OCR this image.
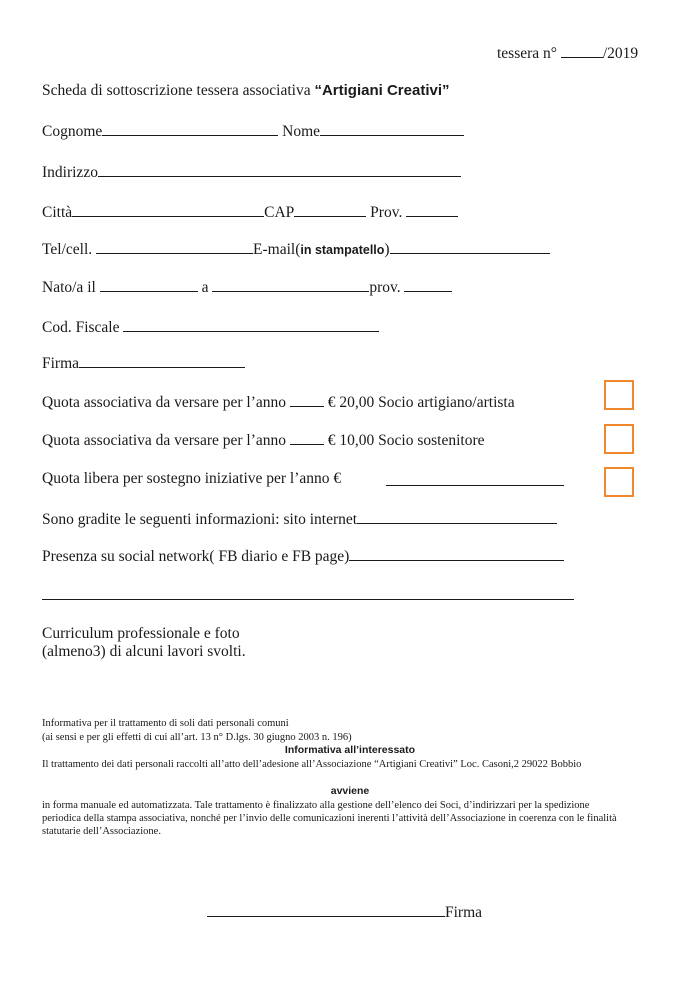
tessera n°	/2019
Scheda di sottoscrizione tessera associativa “Artigiani Creativi”
Cognome	Nome
Indirizzo
Città	CAP	Prov.
Tel/cell.	E-mail(in stampatello)
Nato/a il	a	prov.
Cod. Fiscale
Firma
Quota associativa da versare per l’anno	€ 20,00 Socio artigiano/artista
Quota associativa da versare per l’anno	€ 10,00 Socio sostenitore
Quota libera per sostegno iniziative per l’anno €
Sono gradite le seguenti informazioni: sito internet
Presenza su social network( FB diario e FB page)
Curriculum professionale e foto
(almeno3) di alcuni lavori svolti.
Informativa per il trattamento di soli dati personali comuni
(ai sensi e per gli effetti di cui all’art. 13 n° D.lgs. 30 giugno 2003 n. 196)
Informativa all’interessato
Il trattamento dei dati personali raccolti all’atto dell’adesione all’Associazione “Artigiani Creativi” Loc. Casoni,2 29022 Bobbio
avviene
in forma manuale ed automatizzata. Tale trattamento è finalizzato alla gestione dell’elenco dei Soci, d’indirizzari per la spedizione periodica della stampa associativa, nonché per l’invio delle comunicazioni inerenti l’attività dell’Associazione in coerenza con le finalità statutarie dell’Associazione.
Firma
